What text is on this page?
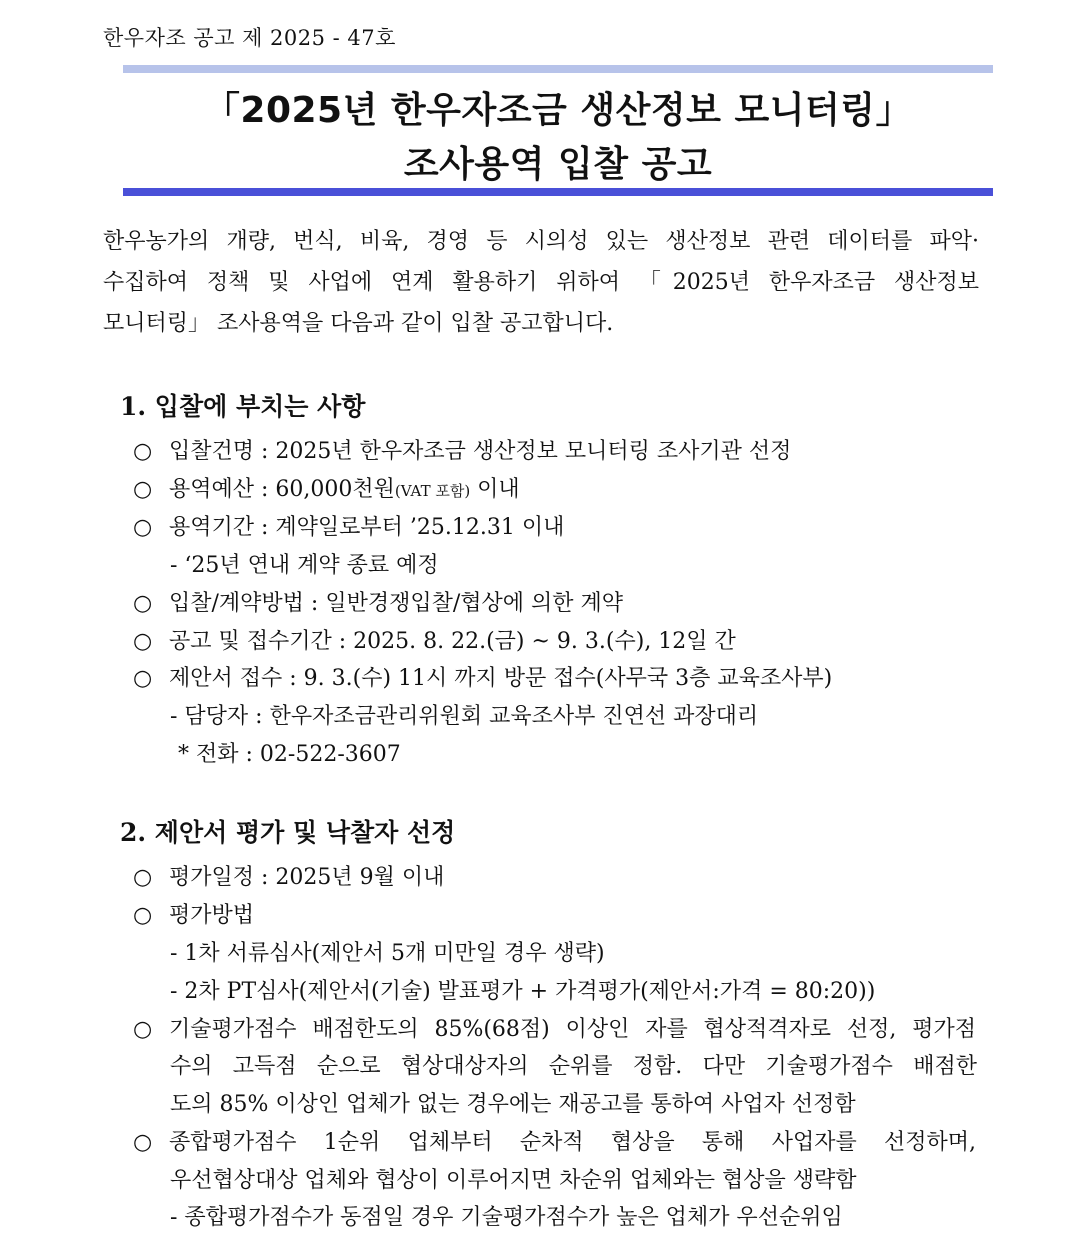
한우자조 공고 제 2025 - 47호
「2025년 한우자조금 생산정보 모니터링」
조사용역 입찰 공고
한우농가의 개량, 번식, 비육, 경영 등 시의성 있는 생산정보 관련 데이터를 파악·
수집하여 정책 및 사업에 연계 활용하기 위하여 「2025년 한우자조금 생산정보
모니터링」 조사용역을 다음과 같이 입찰 공고합니다.
1. 입찰에 부치는 사항
○ 입찰건명 : 2025년 한우자조금 생산정보 모니터링 조사기관 선정
○ 용역예산 : 60,000천원(VAT 포함) 이내
○ 용역기간 : 계약일로부터 ’25.12.31 이내
- ‘25년 연내 계약 종료 예정
○ 입찰/계약방법 : 일반경쟁입찰/협상에 의한 계약
○ 공고 및 접수기간 : 2025. 8. 22.(금) ~ 9. 3.(수), 12일 간
○ 제안서 접수 : 9. 3.(수) 11시 까지 방문 접수(사무국 3층 교육조사부)
- 담당자 : 한우자조금관리위원회 교육조사부 진연선 과장대리
* 전화 : 02-522-3607
2. 제안서 평가 및 낙찰자 선정
○ 평가일정 : 2025년 9월 이내
○ 평가방법
- 1차 서류심사(제안서 5개 미만일 경우 생략)
- 2차 PT심사(제안서(기술) 발표평가 + 가격평가(제안서:가격 = 80:20))
○ 기술평가점수 배점한도의 85%(68점) 이상인 자를 협상적격자로 선정, 평가점
수의 고득점 순으로 협상대상자의 순위를 정함. 다만 기술평가점수 배점한
도의 85% 이상인 업체가 없는 경우에는 재공고를 통하여 사업자 선정함
○ 종합평가점수 1순위 업체부터 순차적 협상을 통해 사업자를 선정하며,
우선협상대상 업체와 협상이 이루어지면 차순위 업체와는 협상을 생략함
- 종합평가점수가 동점일 경우 기술평가점수가 높은 업체가 우선순위임
